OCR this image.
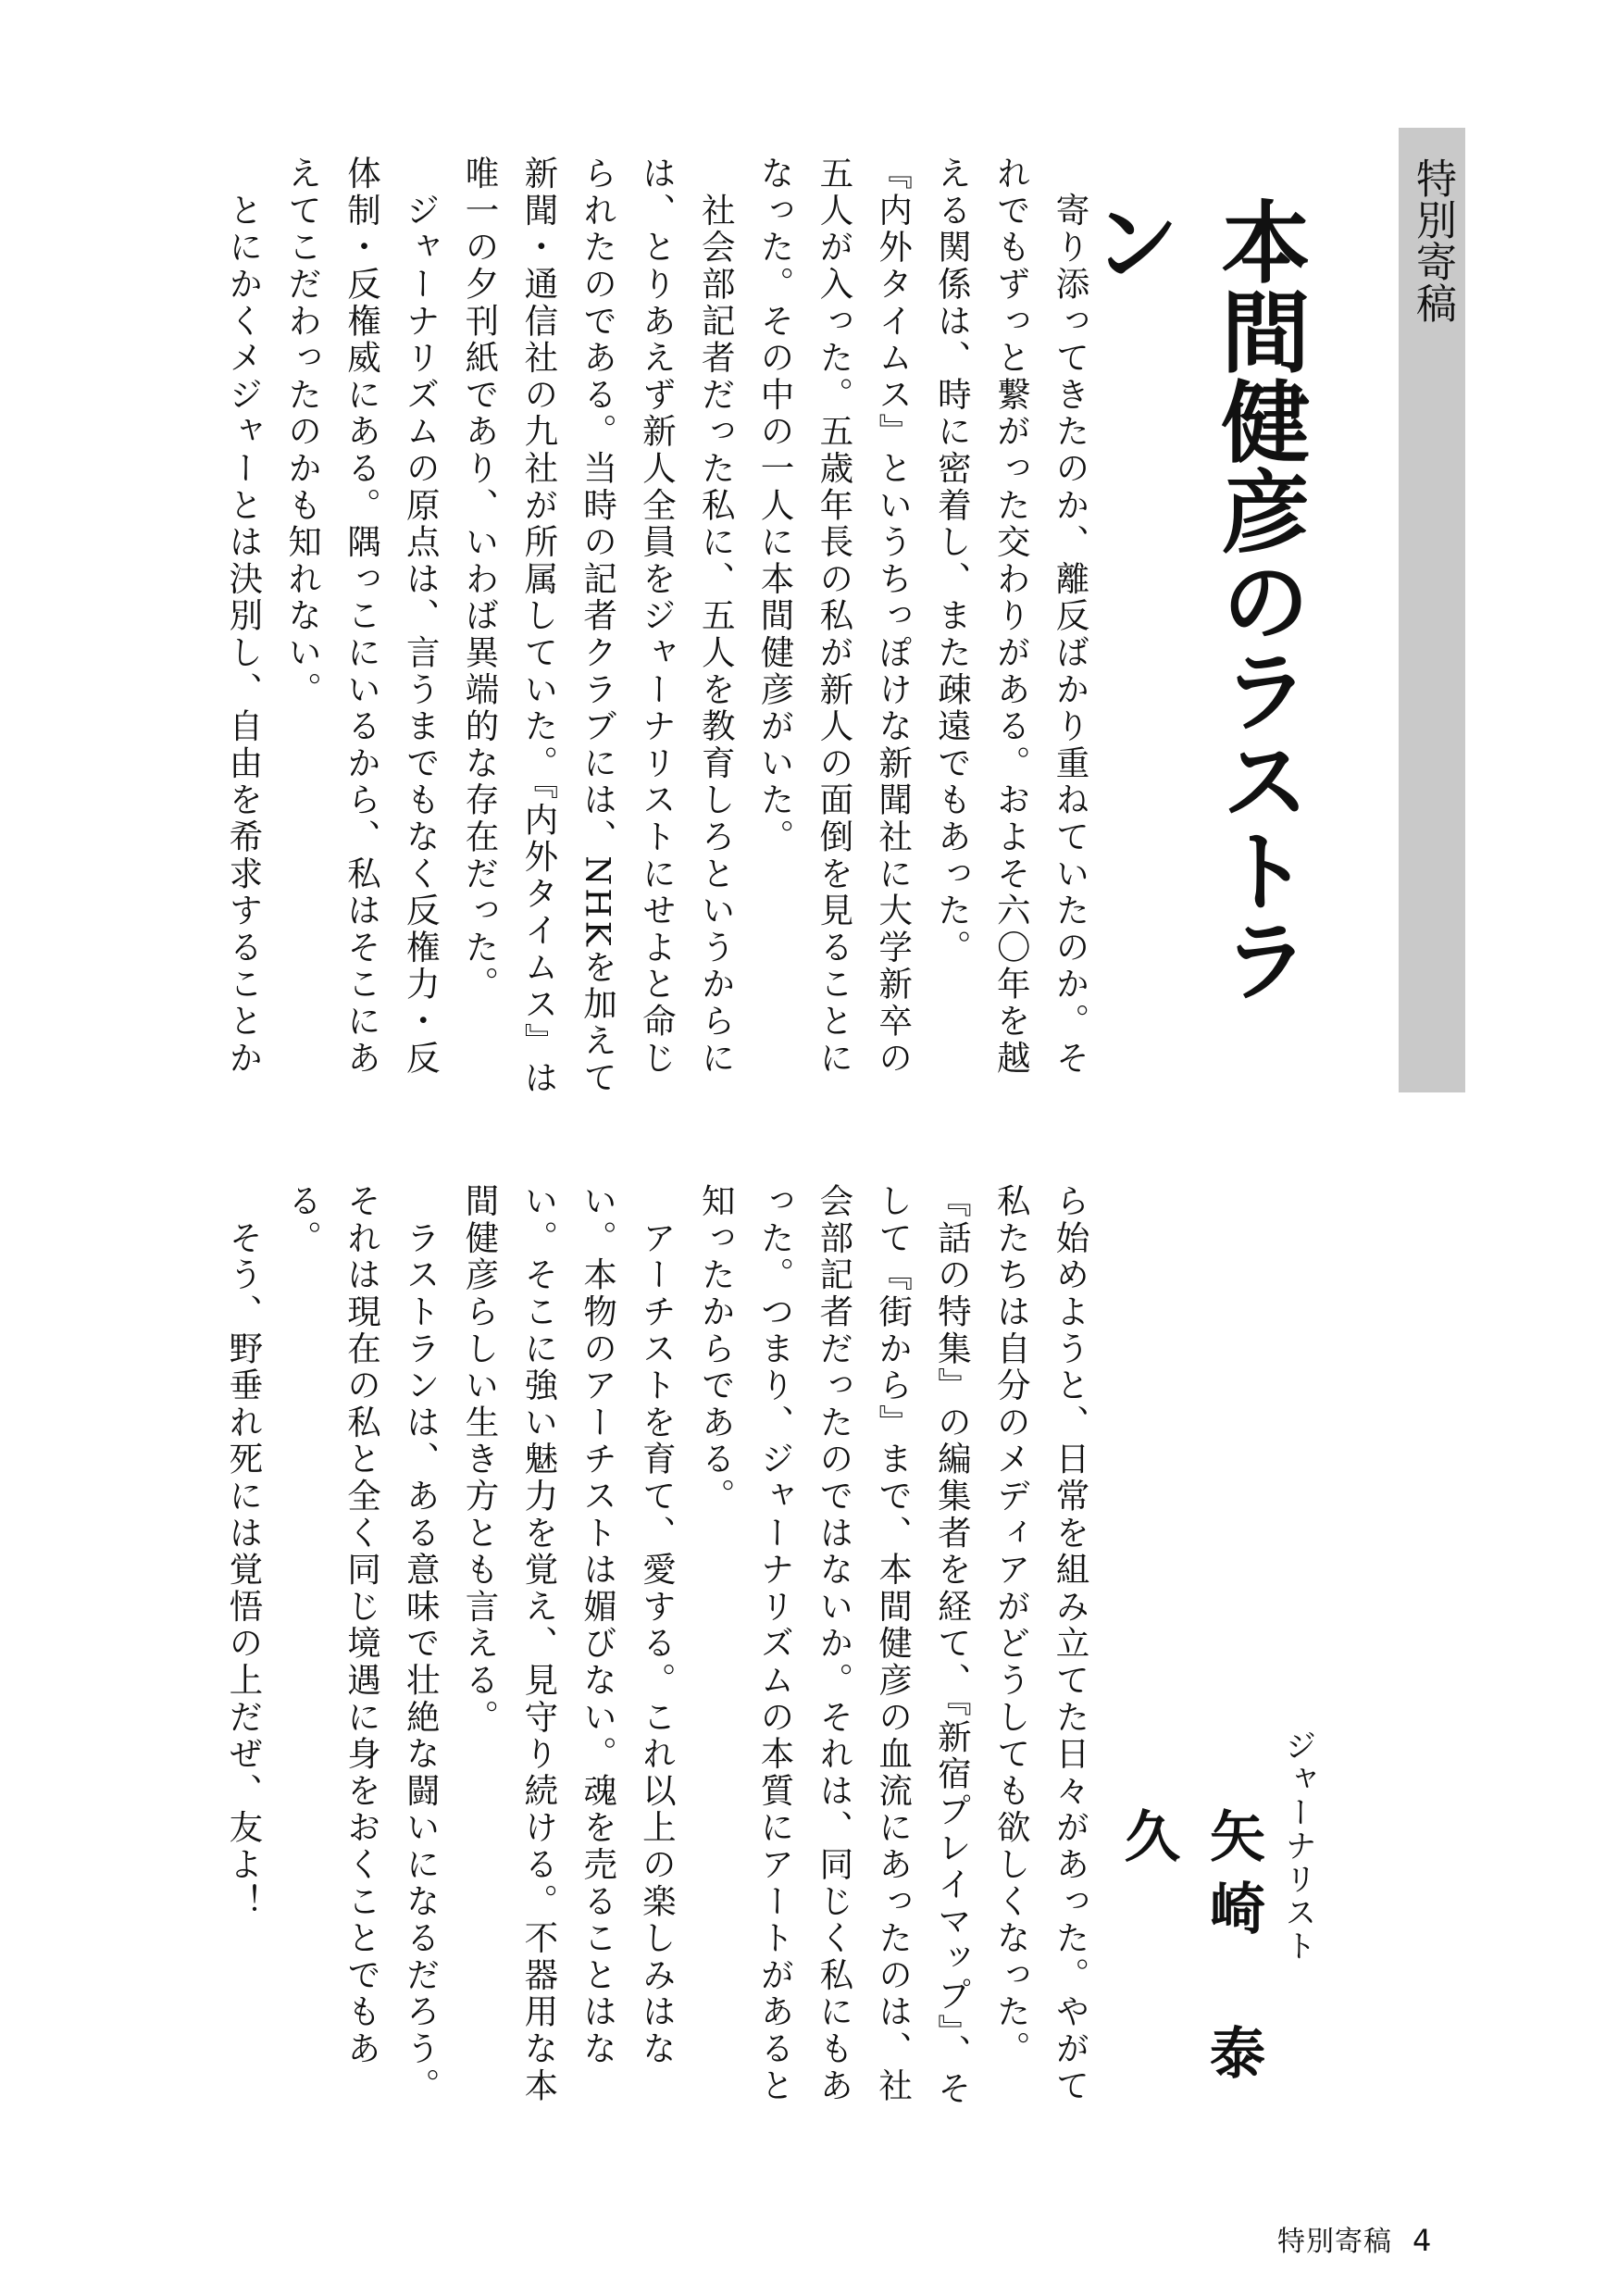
特別寄稿
本間健彦のラストラン

　寄り添ってきたのか、離反ばかり重ねていたのか。それでもずっと繋がった交わりがある。およそ六〇年を越える関係は、時に密着し、また疎遠でもあった。

『内外タイムス』というちっぽけな新聞社に大学新卒の五人が入った。五歳年長の私が新人の面倒を見ることになった。その中の一人に本間健彦がいた。

　社会部記者だった私に、五人を教育しろというからには、とりあえず新人全員をジャーナリストにせよと命じられたのである。当時の記者クラブには、NHKを加えて新聞・通信社の九社が所属していた。『内外タイムス』は唯一の夕刊紙であり、いわば異端的な存在だった。

　ジャーナリズムの原点は、言うまでもなく反権力・反体制・反権威にある。隅っこにいるから、私はそこにあえてこだわったのかも知れない。

　とにかくメジャーとは決別し、自由を希求することか

ら始めようと、日常を組み立てた日々があった。やがて私たちは自分のメディアがどうしても欲しくなった。

『話の特集』の編集者を経て、『新宿プレイマップ』、そして『街から』まで、本間健彦の血流にあったのは、社会部記者だったのではないか。それは、同じく私にもあった。つまり、ジャーナリズムの本質にアートがあると知ったからである。

　アーチストを育て、愛する。これ以上の楽しみはない。本物のアーチストは媚びない。魂を売ることはない。そこに強い魅力を覚え、見守り続ける。不器用な本間健彦らしい生き方とも言える。

　ラストランは、ある意味で壮絶な闘いになるだろう。それは現在の私と全く同じ境遇に身をおくことでもある。

　そう、野垂れ死には覚悟の上だぜ、友よ！	ジャーナリスト
矢崎　泰久
特別寄稿 4
